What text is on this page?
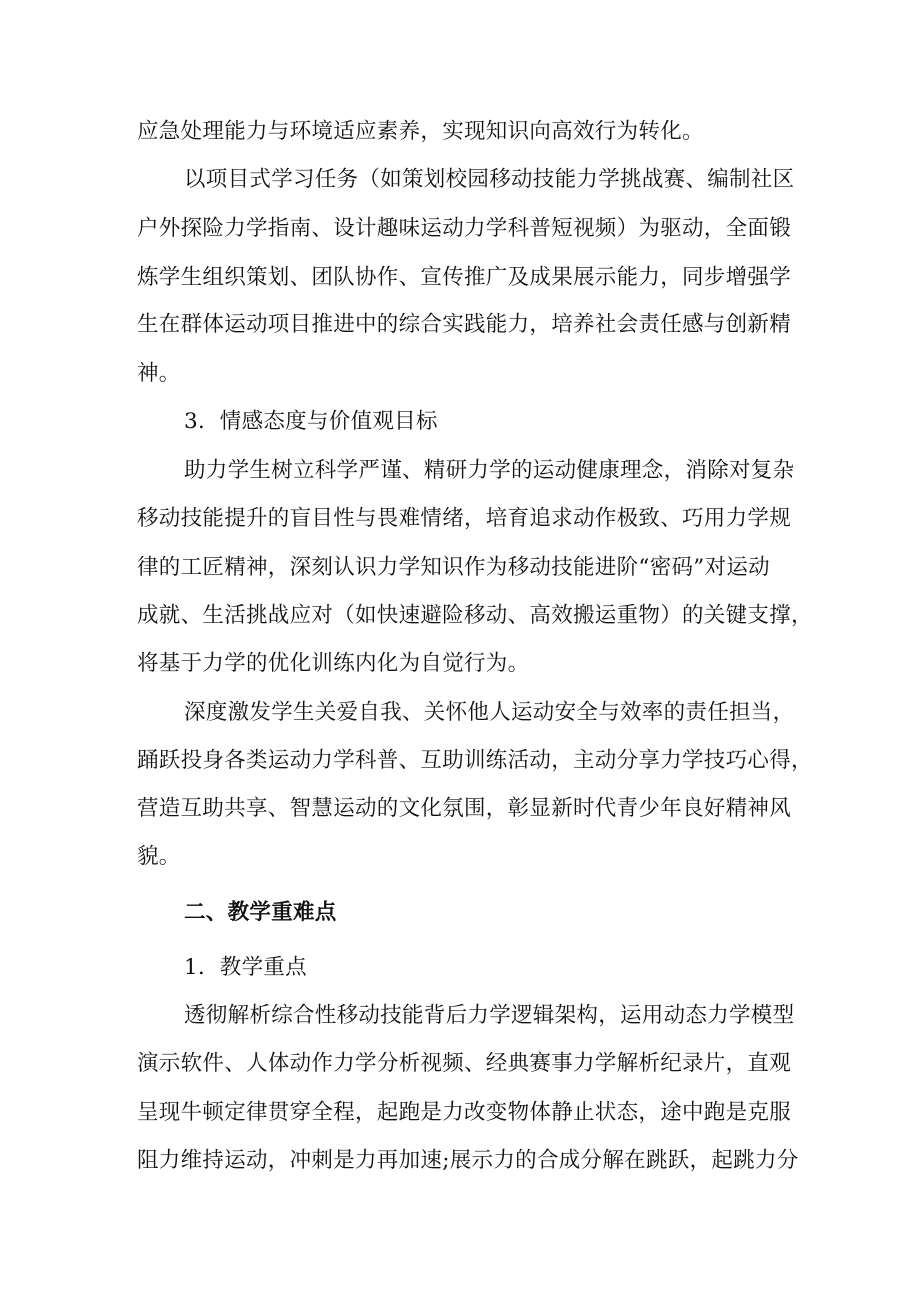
应急处理能力与环境适应素养，实现知识向高效行为转化。
以项目式学习任务（如策划校园移动技能力学挑战赛、编制社区
户外探险力学指南、设计趣味运动力学科普短视频）为驱动，全面锻
炼学生组织策划、团队协作、宣传推广及成果展示能力，同步增强学
生在群体运动项目推进中的综合实践能力，培养社会责任感与创新精
神。
3．情感态度与价值观目标
助力学生树立科学严谨、精研力学的运动健康理念，消除对复杂
移动技能提升的盲目性与畏难情绪，培育追求动作极致、巧用力学规
律的工匠精神，深刻认识力学知识作为移动技能进阶“密码”对运动
成就、生活挑战应对（如快速避险移动、高效搬运重物）的关键支撑，
将基于力学的优化训练内化为自觉行为。
深度激发学生关爱自我、关怀他人运动安全与效率的责任担当，
踊跃投身各类运动力学科普、互助训练活动，主动分享力学技巧心得，
营造互助共享、智慧运动的文化氛围，彰显新时代青少年良好精神风
貌。
二、教学重难点
1．教学重点
透彻解析综合性移动技能背后力学逻辑架构，运用动态力学模型
演示软件、人体动作力学分析视频、经典赛事力学解析纪录片，直观
呈现牛顿定律贯穿全程，起跑是力改变物体静止状态，途中跑是克服
阻力维持运动，冲刺是力再加速;展示力的合成分解在跳跃，起跳力分
